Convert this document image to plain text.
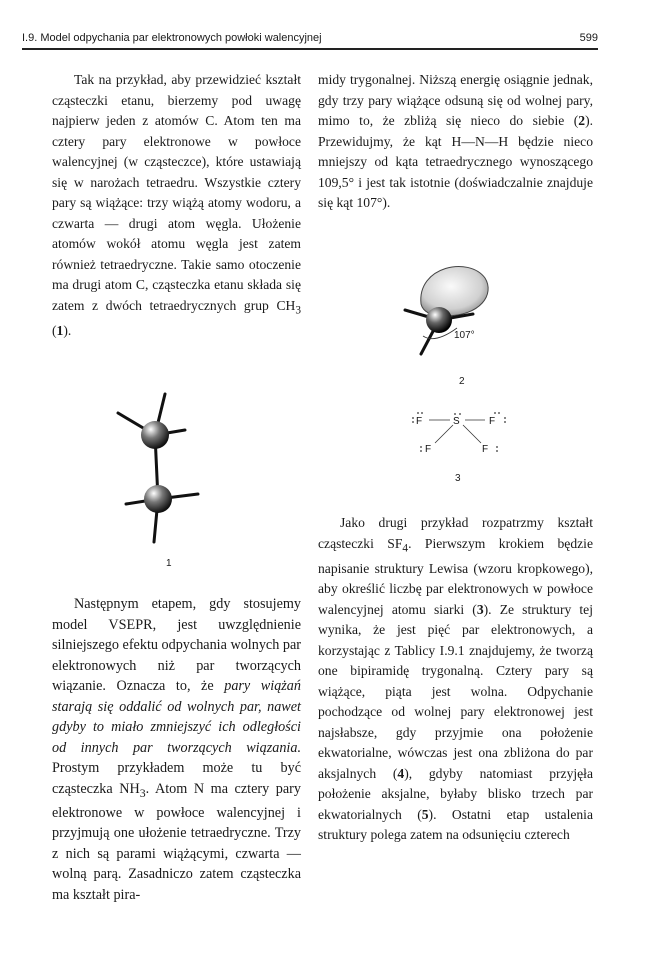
I.9. Model odpychania par elektronowych powłoki walencyjnej	599

Tak na przykład, aby przewidzieć kształt cząsteczki etanu, bierzemy pod uwagę najpierw jeden z atomów C. Atom ten ma cztery pary elektronowe w powłoce walencyjnej (w cząsteczce), które ustawiają się w narożach tetraedru. Wszystkie cztery pary są wiążące: trzy wiążą atomy wodoru, a czwarta — drugi atom węgla. Ułożenie atomów wokół atomu węgla jest zatem również tetraedryczne. Takie samo otoczenie ma drugi atom C, cząsteczka etanu składa się zatem z dwóch tetraedrycznych grup $CH_3$ (1).

1

midy trygonalnej. Niższą energię osiągnie jednak, gdy trzy pary wiążące odsuną się od wolnej pary, mimo to, że zbliżą się nieco do siebie (2). Przewidujmy, że kąt H—N—H będzie nieco mniejszy od kąta tetraedrycznego wynoszącego 109,5° i jest tak istotnie (doświadczalnie znajduje się kąt 107°).

107°
2
F	S	F
F	F
3

Następnym etapem, gdy stosujemy model VSEPR, jest uwzględnienie silniejszego efektu odpychania wolnych par elektronowych niż par tworzących wiązanie. Oznacza to, że pary wiążań starają się oddalić od wolnych par, nawet gdyby to miało zmniejszyć ich odległości od innych par tworzących wiązania. Prostym przykładem może tu być cząsteczka $NH_3$. Atom N ma cztery pary elektronowe w powłoce walencyjnej i przyjmują one ułożenie tetraedryczne. Trzy z nich są parami wiążącymi, czwarta — wolną parą. Zasadniczo zatem cząsteczka ma kształt pira-

Jako drugi przykład rozpatrzmy kształt cząsteczki $SF_4$. Pierwszym krokiem będzie napisanie struktury Lewisa (wzoru kropkowego), aby określić liczbę par elektronowych w powłoce walencyjnej atomu siarki (3). Ze struktury tej wynika, że jest pięć par elektronowych, a korzystając z Tablicy I.9.1 znajdujemy, że tworzą one bipiramidę trygonalną. Cztery pary są wiążące, piąta jest wolna. Odpychanie pochodzące od wolnej pary elektronowej jest najsłabsze, gdy przyjmie ona położenie ekwatorialne, wówczas jest ona zbliżona do par aksjalnych (4), gdyby natomiast przyjęła położenie aksjalne, byłaby blisko trzech par ekwatorialnych (5). Ostatni etap ustalenia struktury polega zatem na odsunięciu czterech
